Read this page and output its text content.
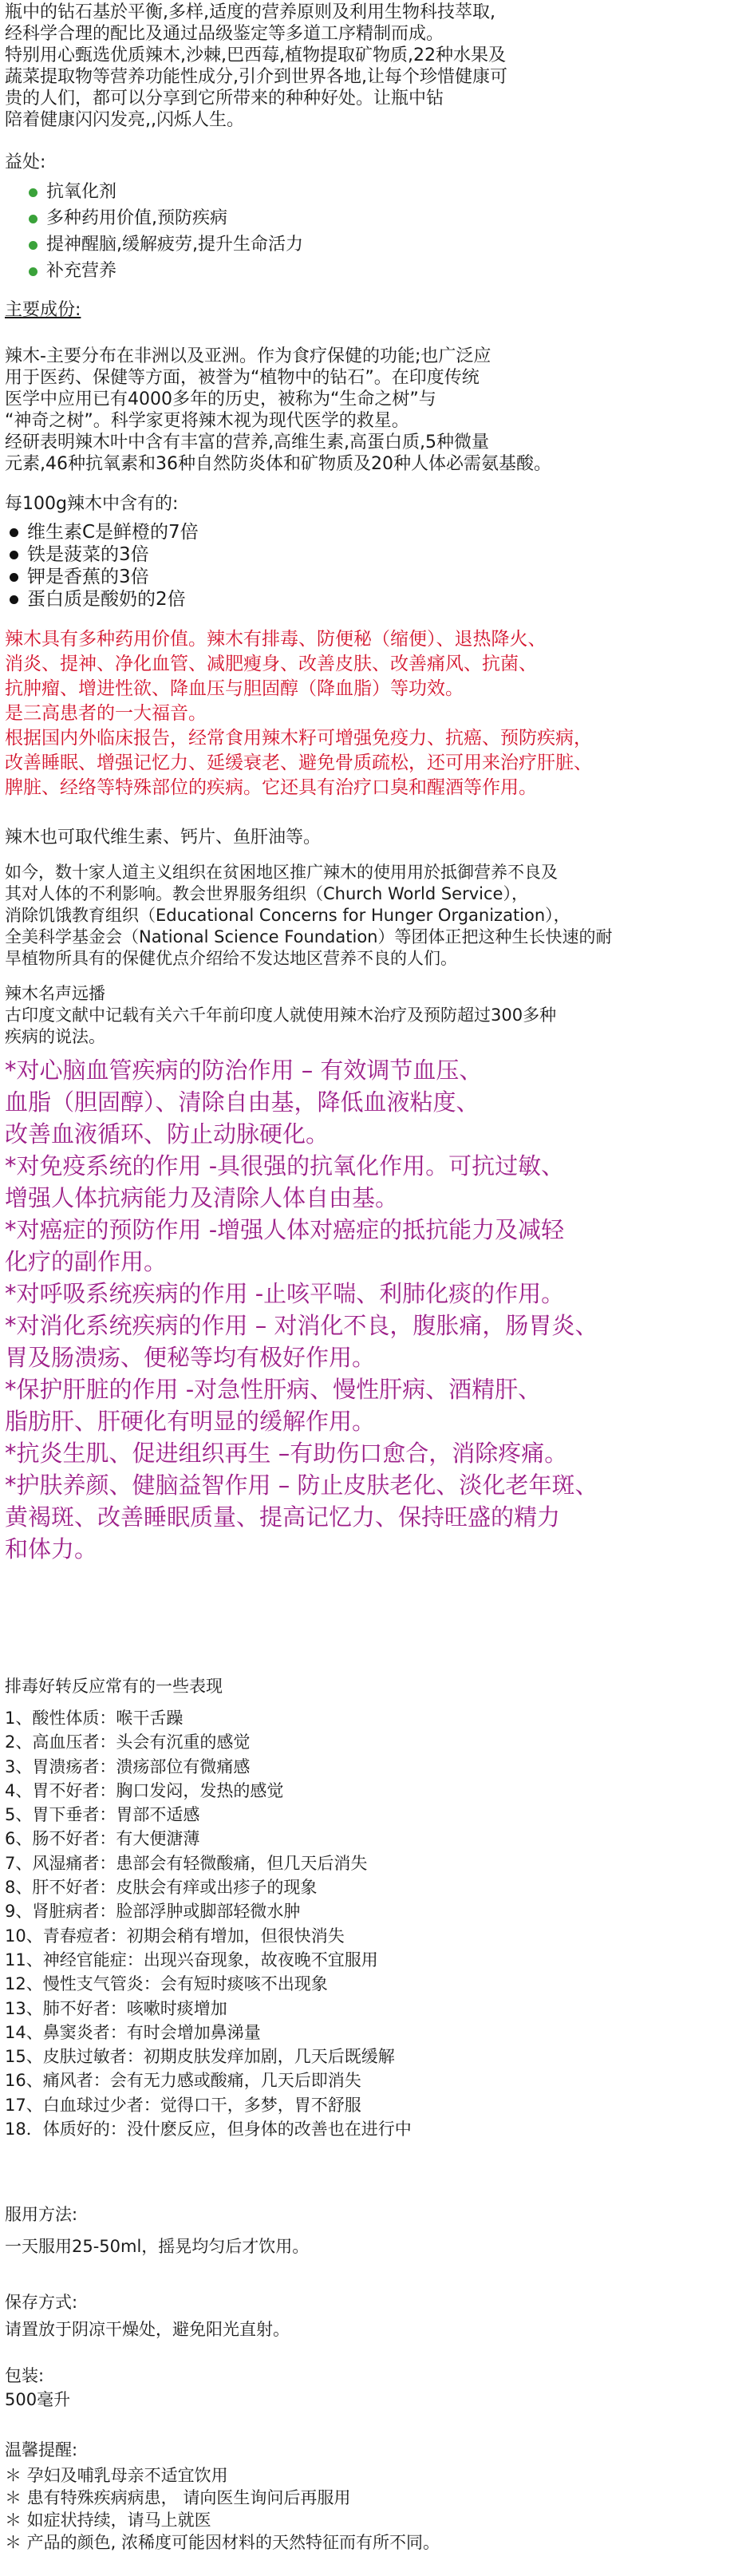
瓶中的钻石基於平衡,多样,适度的营养原则及利用生物科技萃取,

经科学合理的配比及通过品级鉴定等多道工序精制而成。

特别用心甄选优质辣木,沙棘,巴西莓,植物提取矿物质,22种水果及

蔬菜提取物等营养功能性成分,引介到世界各地,让每个珍惜健康可

贵的人们，都可以分享到它所带来的种种好处。让瓶中钻

陪着健康闪闪发亮,,闪烁人生。

益处:

抗氧化剂
多种药用价值,预防疾病
提神醒脑,缓解疲劳,提升生命活力
补充营养

主要成份:

辣木-主要分布在非洲以及亚洲。作为食疗保健的功能;也广泛应

用于医药、保健等方面，被誉为“植物中的钻石”。在印度传统

医学中应用已有4000多年的历史，被称为“生命之树”与

“神奇之树”。科学家更将辣木视为现代医学的救星。

经研表明辣木叶中含有丰富的营养,高维生素,高蛋白质,5种微量

元素,46种抗氧素和36种自然防炎体和矿物质及20种人体必需氨基酸。

每100g辣木中含有的:

维生素C是鲜橙的7倍
铁是菠菜的3倍
钾是香蕉的3倍
蛋白质是酸奶的2倍

辣木具有多种药用价值。辣木有排毒、防便秘（缩便）、退热降火、

消炎、提神、净化血管、减肥瘦身、改善皮肤、改善痛风、抗菌、

抗肿瘤、增进性欲、降血压与胆固醇（降血脂）等功效。

是三高患者的一大福音。

根据国内外临床报告，经常食用辣木籽可增强免疫力、抗癌、预防疾病，

改善睡眠、增强记忆力、延缓衰老、避免骨质疏松，还可用来治疗肝脏、

脾脏、经络等特殊部位的疾病。它还具有治疗口臭和醒酒等作用。

辣木也可取代维生素、钙片、鱼肝油等。

如今，数十家人道主义组织在贫困地区推广辣木的使用用於抵御营养不良及

其对人体的不利影响。教会世界服务组织（Church World Service），

消除饥饿教育组织（Educational Concerns for Hunger Organization），

全美科学基金会（National Science Foundation）等团体正把这种生长快速的耐

旱植物所具有的保健优点介绍给不发达地区营养不良的人们。

辣木名声远播

古印度文献中记载有关六千年前印度人就使用辣木治疗及预防超过300多种

疾病的说法。

*对心脑血管疾病的防治作用 – 有效调节血压、

血脂（胆固醇）、清除自由基，降低血液粘度、

改善血液循环、防止动脉硬化。

*对免疫系统的作用 -具很强的抗氧化作用。可抗过敏、

增强人体抗病能力及清除人体自由基。

*对癌症的预防作用 -增强人体对癌症的抵抗能力及减轻

化疗的副作用。

*对呼吸系统疾病的作用 -止咳平喘、利肺化痰的作用。

*对消化系统疾病的作用 – 对消化不良，腹胀痛，肠胃炎、

胃及肠溃疡、便秘等均有极好作用。

*保护肝脏的作用 -对急性肝病、慢性肝病、酒精肝、

脂肪肝、肝硬化有明显的缓解作用。

*抗炎生肌、促进组织再生 –有助伤口愈合，消除疼痛。

*护肤养颜、健脑益智作用 – 防止皮肤老化、淡化老年斑、

黄褐斑、改善睡眠质量、提高记忆力、保持旺盛的精力

和体力。

排毒好转反应常有的一些表现

1、酸性体质：喉干舌躁

2、高血压者：头会有沉重的感觉

3、胃溃疡者：溃疡部位有微痛感

4、胃不好者：胸口发闷，发热的感觉

5、胃下垂者：胃部不适感

6、肠不好者：有大便溏薄

7、风湿痛者：患部会有轻微酸痛，但几天后消失

8、肝不好者：皮肤会有痒或出疹子的现象

9、肾脏病者：脸部浮肿或脚部轻微水肿

10、青春痘者：初期会稍有增加，但很快消失

11、神经官能症：出现兴奋现象，故夜晚不宜服用

12、慢性支气管炎：会有短时痰咳不出现象

13、肺不好者：咳嗽时痰增加

14、鼻窦炎者：有时会增加鼻涕量

15、皮肤过敏者：初期皮肤发痒加剧，几天后既缓解

16、痛风者：会有无力感或酸痛，几天后即消失

17、白血球过少者：觉得口干，多梦，胃不舒服

18．体质好的：没什麽反应，但身体的改善也在进行中

服用方法:

一天服用25-50ml，摇晃均匀后才饮用。

保存方式:

请置放于阴凉干燥处，避免阳光直射。

包装:

500毫升

温馨提醒:

＊ 孕妇及哺乳母亲不适宜饮用

＊ 患有特殊疾病病患， 请向医生询问后再服用

＊ 如症状持续，请马上就医

＊ 产品的颜色, 浓稀度可能因材料的天然特征而有所不同。
